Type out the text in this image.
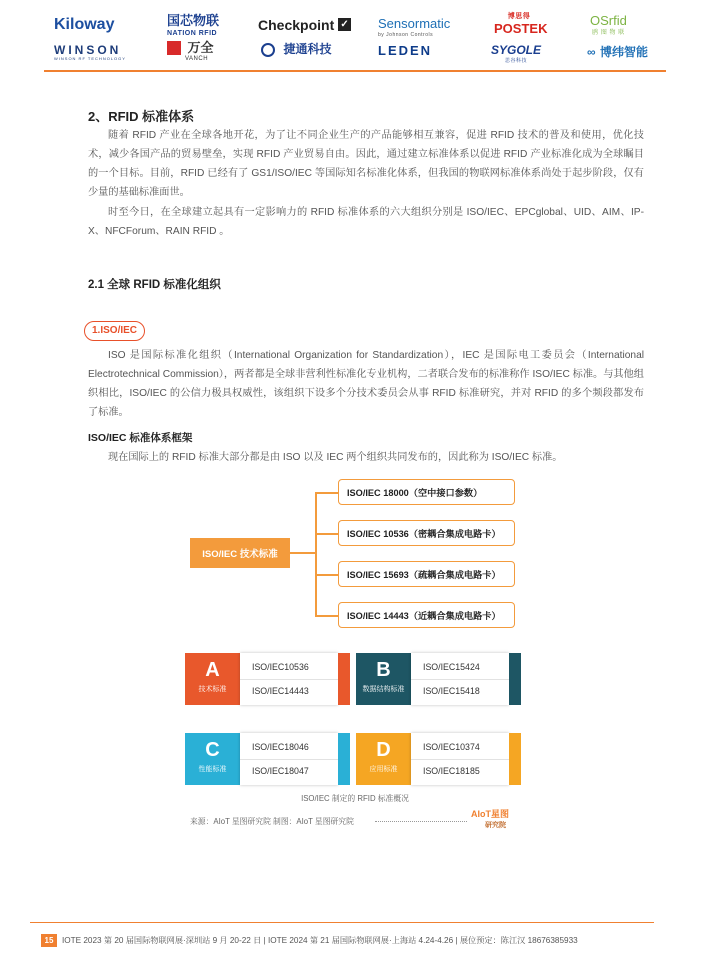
Kiloway
WINSON
WINSON RF TECHNOLOGY
国芯物联
NATION RFID
$^{万全}$
VANCH
Checkpoint ✓
$^{捷通科技}$
Sensormatic
by Johnson Controls
LEDEN
博思得
POSTEK
SYGOLE
思谷科技
OSrfid
鸥 图 物 联
∞ 博纬智能
2、RFID 标准体系

随着 RFID 产业在全球各地开花，为了让不同企业生产的产品能够相互兼容，促进 RFID 技术的普及和使用，优化技术，减少各国产品的贸易壁垒，实现 RFID 产业贸易自由。因此，通过建立标准体系以促进 RFID 产业标准化成为全球瞩目的一个目标。目前，RFID 已经有了 GS1/ISO/IEC 等国际知名标准化体系，但我国的物联网标准体系尚处于起步阶段，仅有少量的基础标准面世。

时至今日，在全球建立起具有一定影响力的 RFID 标准体系的六大组织分别是 ISO/IEC、EPCglobal、UID、AIM、IP-X、NFCForum、RAIN RFID 。

2.1 全球 RFID 标准化组织
1.ISO/IEC

ISO 是国际标准化组织（International Organization for Standardization），IEC 是国际电工委员会（International Electrotechnical Commission），两者都是全球非营利性标准化专业机构，二者联合发布的标准称作 ISO/IEC 标准。与其他组织相比，ISO/IEC 的公信力极具权威性，该组织下设多个分技术委员会从事 RFID 标准研究，并对 RFID 的多个频段都发布了标准。

ISO/IEC 标准体系框架

现在国际上的 RFID 标准大部分都是由 ISO 以及 IEC 两个组织共同发布的，因此称为 ISO/IEC 标准。

ISO/IEC 技术标准
ISO/IEC 18000（空中接口参数）
ISO/IEC 10536（密耦合集成电路卡）
ISO/IEC 15693（疏耦合集成电路卡）
ISO/IEC 14443（近耦合集成电路卡）
A
技术标准
ISO/IEC10536
ISO/IEC14443
B
数据结构标准
ISO/IEC15424
ISO/IEC15418
C
性能标准
ISO/IEC18046
ISO/IEC18047
D
应用标准
ISO/IEC10374
ISO/IEC18185
ISO/IEC 制定的 RFID 标准概况
来源：AIoT 星图研究院 制图：AIoT 星图研究院
AIoT星图
研究院
15	IOTE 2023 第 20 届国际物联网展·深圳站 9 月 20-22 日 | IOTE 2024 第 21 届国际物联网展·上海站 4.24-4.26 | 展位预定：陈江汉 18676385933
